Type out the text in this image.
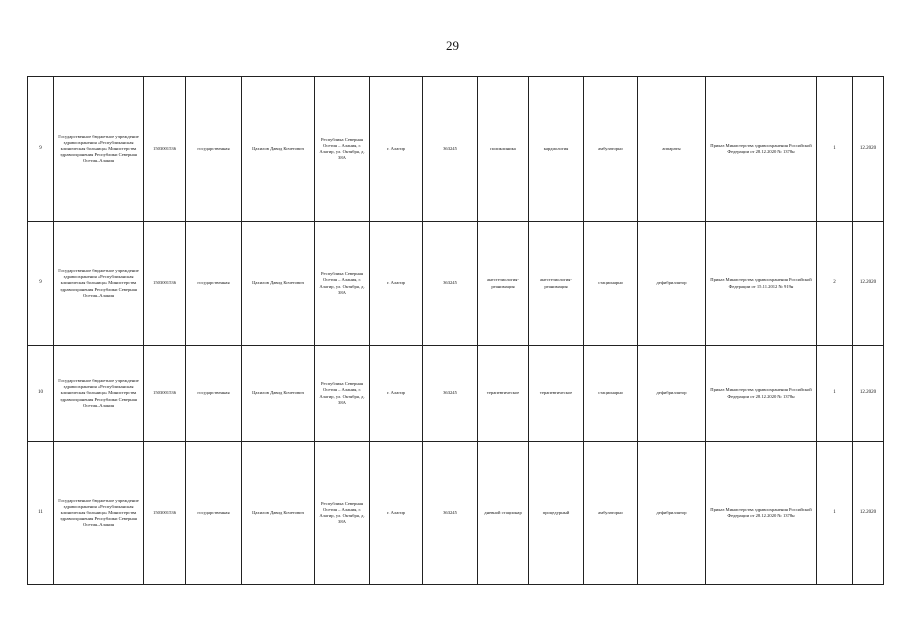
29
9	Государственное бюджетное учреждение здравоохранения «Республиканская клиническая больница» Министерства здравоохранения Республики Северная Осетия–Алания	1503001536	государственная	Цахилов Давид Кочетович	Республика Северная Осетия – Алания, г. Алагир, ул. Октября, д. 38А	г. Алагир	363245	поликлиника	кардиология	амбулаторно	аппараты	Приказ Министерства здравоохранения Российской Федерации от 28.12.2020 № 1378н	1	12.2020
9	Государственное бюджетное учреждение здравоохранения «Республиканская клиническая больница» Министерства здравоохранения Республики Северная Осетия–Алания	1503001536	государственная	Цахилов Давид Кочетович	Республика Северная Осетия – Алания, г. Алагир, ул. Октября, д. 38А	г. Алагир	363245	анестезиология-реанимация	анестезиология-реанимация	стационарно	дефибриллятор	Приказ Министерства здравоохранения Российской Федерации от 15.11.2012 № 919н	2	12.2020
10	Государственное бюджетное учреждение здравоохранения «Республиканская клиническая больница» Министерства здравоохранения Республики Северная Осетия–Алания	1503001536	государственная	Цахилов Давид Кочетович	Республика Северная Осетия – Алания, г. Алагир, ул. Октября, д. 38А	г. Алагир	363245	терапевтическое	терапевтическое	стационарно	дефибриллятор	Приказ Министерства здравоохранения Российской Федерации от 28.12.2020 № 1378н	1	12.2020
11	Государственное бюджетное учреждение здравоохранения «Республиканская клиническая больница» Министерства здравоохранения Республики Северная Осетия–Алания	1503001536	государственная	Цахилов Давид Кочетович	Республика Северная Осетия – Алания, г. Алагир, ул. Октября, д. 38А	г. Алагир	363245	дневной стационар	процедурный	амбулаторно	дефибриллятор	Приказ Министерства здравоохранения Российской Федерации от 28.12.2020 № 1378н	1	12.2020
